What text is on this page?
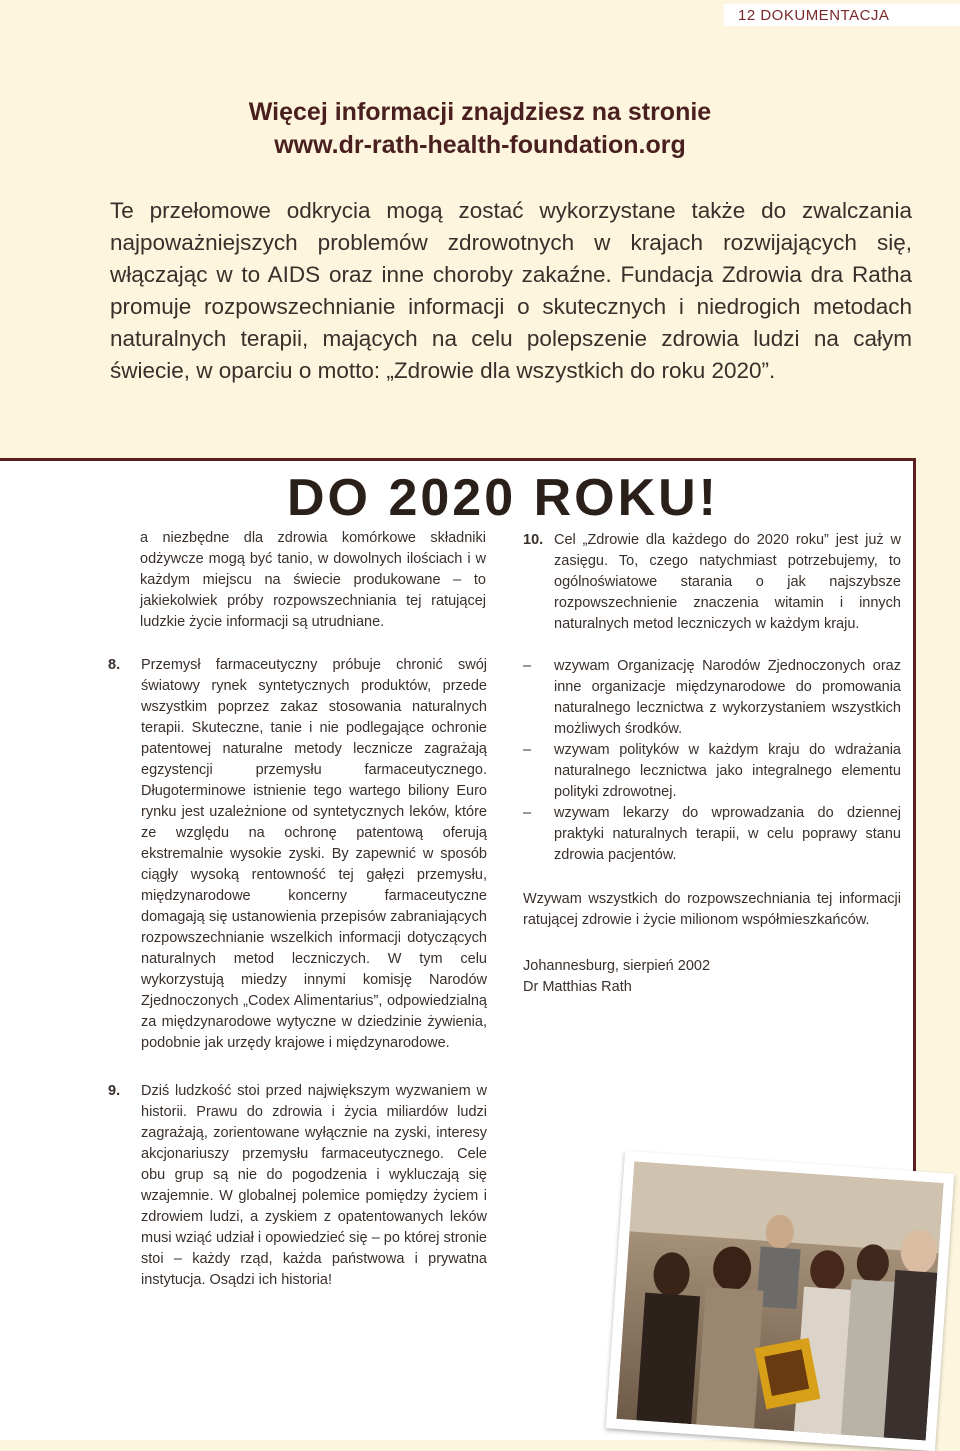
12 DOKUMENTACJA
Więcej informacji znajdziesz na stronie
www.dr-rath-health-foundation.org
Te przełomowe odkrycia mogą zostać wykorzystane także do zwalczania najpoważniejszych problemów zdrowotnych w krajach rozwijających się, włączając w to AIDS oraz inne choroby zakaźne. Fundacja Zdrowia dra Ratha promuje rozpowszechnianie informacji o skutecznych i niedrogich metodach naturalnych terapii, mających na celu polepszenie zdrowia ludzi na całym świecie, w oparciu o motto: „Zdrowie dla wszystkich do roku 2020”.
DO 2020 ROKU!
a niezbędne dla zdrowia komórkowe składniki odżywcze mogą być tanio, w dowolnych ilościach i w każdym miejscu na świecie produkowane – to jakiekolwiek próby rozpowszechniania tej ratującej ludzkie życie informacji są utrudniane.
8. Przemysł farmaceutyczny próbuje chronić swój światowy rynek syntetycznych produktów, przede wszystkim poprzez zakaz stosowania naturalnych terapii. Skuteczne, tanie i nie podlegające ochronie patentowej naturalne metody lecznicze zagrażają egzystencji przemysłu farmaceutycznego. Długoterminowe istnienie tego wartego biliony Euro rynku jest uzależnione od syntetycznych leków, które ze względu na ochronę patentową oferują ekstremalnie wysokie zyski. By zapewnić w sposób ciągły wysoką rentowność tej gałęzi przemysłu, międzynarodowe koncerny farmaceutyczne domagają się ustanowienia przepisów zabraniających rozpowszechnianie wszelkich informacji dotyczących naturalnych metod leczniczych. W tym celu wykorzystują miedzy innymi komisję Narodów Zjednoczonych „Codex Alimentarius”, odpowiedzialną za międzynarodowe wytyczne w dziedzinie żywienia, podobnie jak urzędy krajowe i międzynarodowe.
9. Dziś ludzkość stoi przed największym wyzwaniem w historii. Prawu do zdrowia i życia miliardów ludzi zagrażają, zorientowane wyłącznie na zyski, interesy akcjonariuszy przemysłu farmaceutycznego. Cele obu grup są nie do pogodzenia i wykluczają się wzajemnie. W globalnej polemice pomiędzy życiem i zdrowiem ludzi, a zyskiem z opatentowanych leków musi wziąć udział i opowiedzieć się – po której stronie stoi – każdy rząd, każda państwowa i prywatna instytucja. Osądzi ich historia!
10. Cel „Zdrowie dla każdego do 2020 roku” jest już w zasięgu. To, czego natychmiast potrzebujemy, to ogólnoświatowe starania o jak najszybsze rozpowszechnienie znaczenia witamin i innych naturalnych metod leczniczych w każdym kraju.
– wzywam Organizację Narodów Zjednoczonych oraz inne organizacje międzynarodowe do promowania naturalnego lecznictwa z wykorzystaniem wszystkich możliwych środków.
– wzywam polityków w każdym kraju do wdrażania naturalnego lecznictwa jako integralnego elementu polityki zdrowotnej.
– wzywam lekarzy do wprowadzania do dziennej praktyki naturalnych terapii, w celu poprawy stanu zdrowia pacjentów.
Wzywam wszystkich do rozpowszechniania tej informacji ratującej zdrowie i życie milionom współmieszkańców.
Johannesburg, sierpień 2002
Dr Matthias Rath
